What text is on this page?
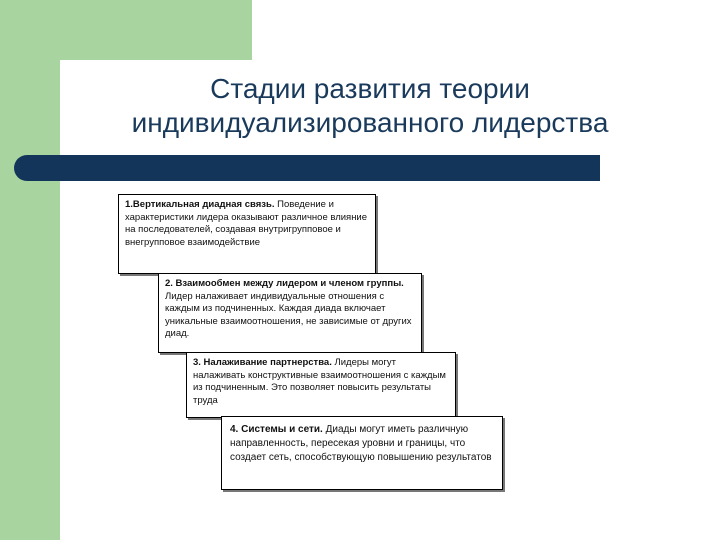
Стадии развития теории
индивидуализированного лидерства
1.Вертикальная диадная связь. Поведение и характеристики лидера оказывают различное влияние на последователей, создавая внутригрупповое и внегрупповое взаимодействие
2. Взаимообмен между лидером и членом группы. Лидер налаживает индивидуальные отношения с каждым из подчиненных. Каждая диада включает уникальные взаимоотношения, не зависимые от других диад.
3. Налаживание партнерства. Лидеры могут налаживать конструктивные взаимоотношения с каждым из подчиненным. Это позволяет повысить результаты труда
4. Системы и сети. Диады могут иметь различную направленность, пересекая уровни и границы, что создает сеть, способствующую повышению результатов
